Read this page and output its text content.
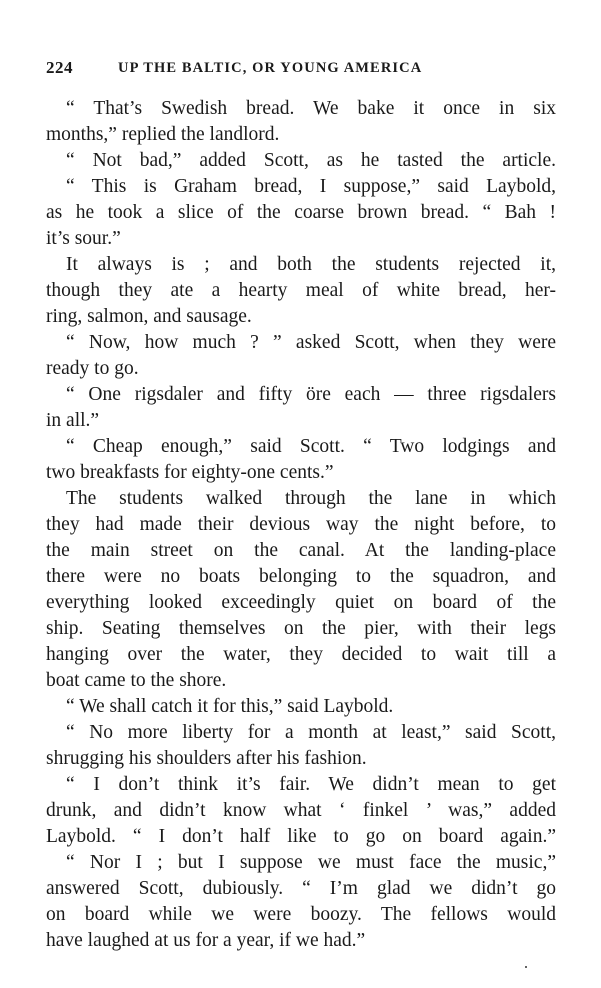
224	UP THE BALTIC, OR YOUNG AMERICA
“ That’s Swedish bread. We bake it once in six
months,” replied the landlord.
“ Not bad,” added Scott, as he tasted the article.
“ This is Graham bread, I suppose,” said Laybold,
as he took a slice of the coarse brown bread. “ Bah !
it’s sour.”
It always is ; and both the students rejected it,
though they ate a hearty meal of white bread, her-
ring, salmon, and sausage.
“ Now, how much ? ” asked Scott, when they were
ready to go.
“ One rigsdaler and fifty öre each — three rigsdalers
in all.”
“ Cheap enough,” said Scott. “ Two lodgings and
two breakfasts for eighty-one cents.”
The students walked through the lane in which
they had made their devious way the night before, to
the main street on the canal. At the landing-place
there were no boats belonging to the squadron, and
everything looked exceedingly quiet on board of the
ship. Seating themselves on the pier, with their legs
hanging over the water, they decided to wait till a
boat came to the shore.
“ We shall catch it for this,” said Laybold.
“ No more liberty for a month at least,” said Scott,
shrugging his shoulders after his fashion.
“ I don’t think it’s fair. We didn’t mean to get
drunk, and didn’t know what ‘ finkel ’ was,” added
Laybold. “ I don’t half like to go on board again.”
“ Nor I ; but I suppose we must face the music,”
answered Scott, dubiously. “ I’m glad we didn’t go
on board while we were boozy. The fellows would
have laughed at us for a year, if we had.”
